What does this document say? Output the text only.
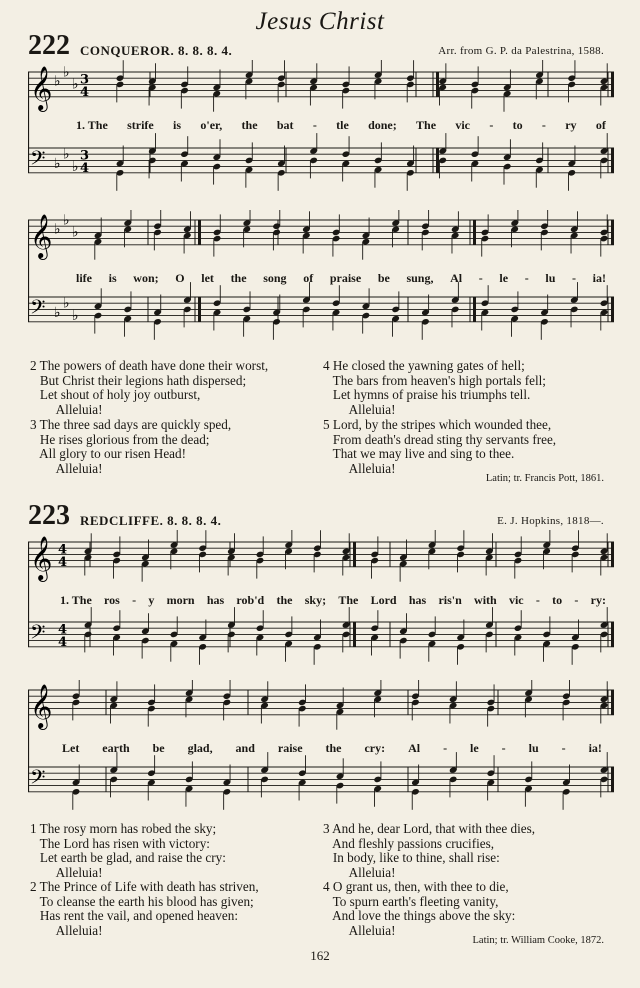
Jesus Christ
222 CONQUEROR. 8. 8. 8. 4.	Arr. from G. P. da Palestrina, 1588.
𝄞
𝄢
♭
♭
♭
♭
♭
♭
3
4
3
4
1. The strife is o'er, the bat - tle done; The vic - to - ry of
𝄞
𝄢
♭
♭
♭
♭
♭
♭
life is won; O let the song of praise be sung, Al - le - lu - ia!
2 The powers of death have done their worst,
But Christ their legions hath dispersed;
Let shout of holy joy outburst,
Alleluia!
3 The three sad days are quickly sped,
He rises glorious from the dead;
All glory to our risen Head!
Alleluia!
4 He closed the yawning gates of hell;
The bars from heaven's high portals fell;
Let hymns of praise his triumphs tell.
Alleluia!
5 Lord, by the stripes which wounded thee,
From death's dread sting thy servants free,
That we may live and sing to thee.
Alleluia!
Latin; tr. Francis Pott, 1861.
223 REDCLIFFE. 8. 8. 8. 4.	E. J. Hopkins, 1818—.
𝄞
𝄢
4
4
4
4
1. The ros - y morn has rob'd the sky; The Lord has ris'n with vic - to - ry:
𝄞
𝄢
Let earth be glad, and raise the cry: Al - le - lu - ia!
1 The rosy morn has robed the sky;
The Lord has risen with victory:
Let earth be glad, and raise the cry:
Alleluia!
2 The Prince of Life with death has striven,
To cleanse the earth his blood has given;
Has rent the vail, and opened heaven:
Alleluia!
3 And he, dear Lord, that with thee dies,
And fleshly passions crucifies,
In body, like to thine, shall rise:
Alleluia!
4 O grant us, then, with thee to die,
To spurn earth's fleeting vanity,
And love the things above the sky:
Alleluia!
Latin; tr. William Cooke, 1872.
162
